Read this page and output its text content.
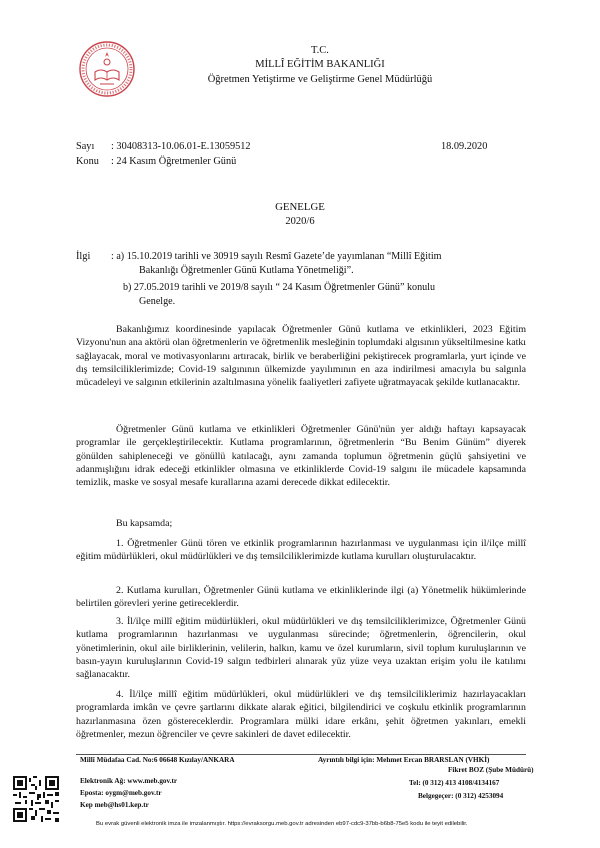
T.C.
MİLLÎ EĞİTİM BAKANLIĞI
Öğretmen Yetiştirme ve Geliştirme Genel Müdürlüğü
Sayı : 30408313-10.06.01-E.13059512	18.09.2020
Konu : 24 Kasım Öğretmenler Günü
GENELGE
2020/6
İlgi : a) 15.10.2019 tarihli ve 30919 sayılı Resmî Gazete’de yayımlanan “Millî Eğitim
Bakanlığı Öğretmenler Günü Kutlama Yönetmeliği”.
b) 27.05.2019 tarihli ve 2019/8 sayılı “ 24 Kasım Öğretmenler Günü” konulu
Genelge.

Bakanlığımız koordinesinde yapılacak Öğretmenler Günü kutlama ve etkinlikleri, 2023 Eğitim Vizyonu'nun ana aktörü olan öğretmenlerin ve öğretmenlik mesleğinin toplumdaki algısının yükseltilmesine katkı sağlayacak, moral ve motivasyonlarını artıracak, birlik ve beraberliğini pekiştirecek programlarla, yurt içinde ve dış temsilciliklerimizde; Covid-19 salgınının ülkemizde yayılımının en aza indirilmesi amacıyla bu salgınla mücadeleyi ve salgının etkilerinin azaltılmasına yönelik faaliyetleri zafiyete uğratmayacak şekilde kutlanacaktır.

Öğretmenler Günü kutlama ve etkinlikleri Öğretmenler Günü'nün yer aldığı haftayı kapsayacak programlar ile gerçekleştirilecektir. Kutlama programlarının, öğretmenlerin “Bu Benim Günüm” diyerek gönülden sahipleneceği ve gönüllü katılacağı, aynı zamanda toplumun öğretmenin güçlü şahsiyetini ve adanmışlığını idrak edeceği etkinlikler olmasına ve etkinliklerde Covid-19 salgını ile mücadele kapsamında temizlik, maske ve sosyal mesafe kurallarına azami derecede dikkat edilecektir.

Bu kapsamda;

1. Öğretmenler Günü tören ve etkinlik programlarının hazırlanması ve uygulanması için il/ilçe millî eğitim müdürlükleri, okul müdürlükleri ve dış temsilciliklerimizde kutlama kurulları oluşturulacaktır.

2. Kutlama kurulları, Öğretmenler Günü kutlama ve etkinliklerinde ilgi (a) Yönetmelik hükümlerinde belirtilen görevleri yerine getireceklerdir.

3. İl/ilçe millî eğitim müdürlükleri, okul müdürlükleri ve dış temsilciliklerimizce, Öğretmenler Günü kutlama programlarının hazırlanması ve uygulanması sürecinde; öğretmenlerin, öğrencilerin, okul yönetimlerinin, okul aile birliklerinin, velilerin, halkın, kamu ve özel kurumların, sivil toplum kuruluşlarının ve basın-yayın kuruluşlarının Covid-19 salgın tedbirleri alınarak yüz yüze veya uzaktan erişim yolu ile katılımı sağlanacaktır.

4. İl/ilçe millî eğitim müdürlükleri, okul müdürlükleri ve dış temsilciliklerimiz hazırlayacakları programlarda imkân ve çevre şartlarını dikkate alarak eğitici, bilgilendirici ve coşkulu etkinlik programlarının hazırlanmasına özen göstereceklerdir. Programlara mülki idare erkânı, şehit öğretmen yakınları, emekli öğretmenler, mezun öğrenciler ve çevre sakinleri de davet edilecektir.

Millî Müdafaa Cad. No:6 06648 Kızılay/ANKARA	Ayrıntılı bilgi için: Mehmet Ercan BRARSLAN (VHKİ)
Fikret BOZ (Şube Müdürü)
Elektronik Ağ: www.meb.gov.tr
Eposta: oygm@meb.gov.tr
Kep meb@hs01.kep.tr
Tel: (0 312) 413 4108/4134167
Belgegeçer: (0 312) 4253094
Bu evrak güvenli elektronik imza ile imzalanmıştır. https://evraksorgu.meb.gov.tr adresinden eb97-cdc9-37bb-b6b8-75e5 kodu ile teyit edilebilir.
